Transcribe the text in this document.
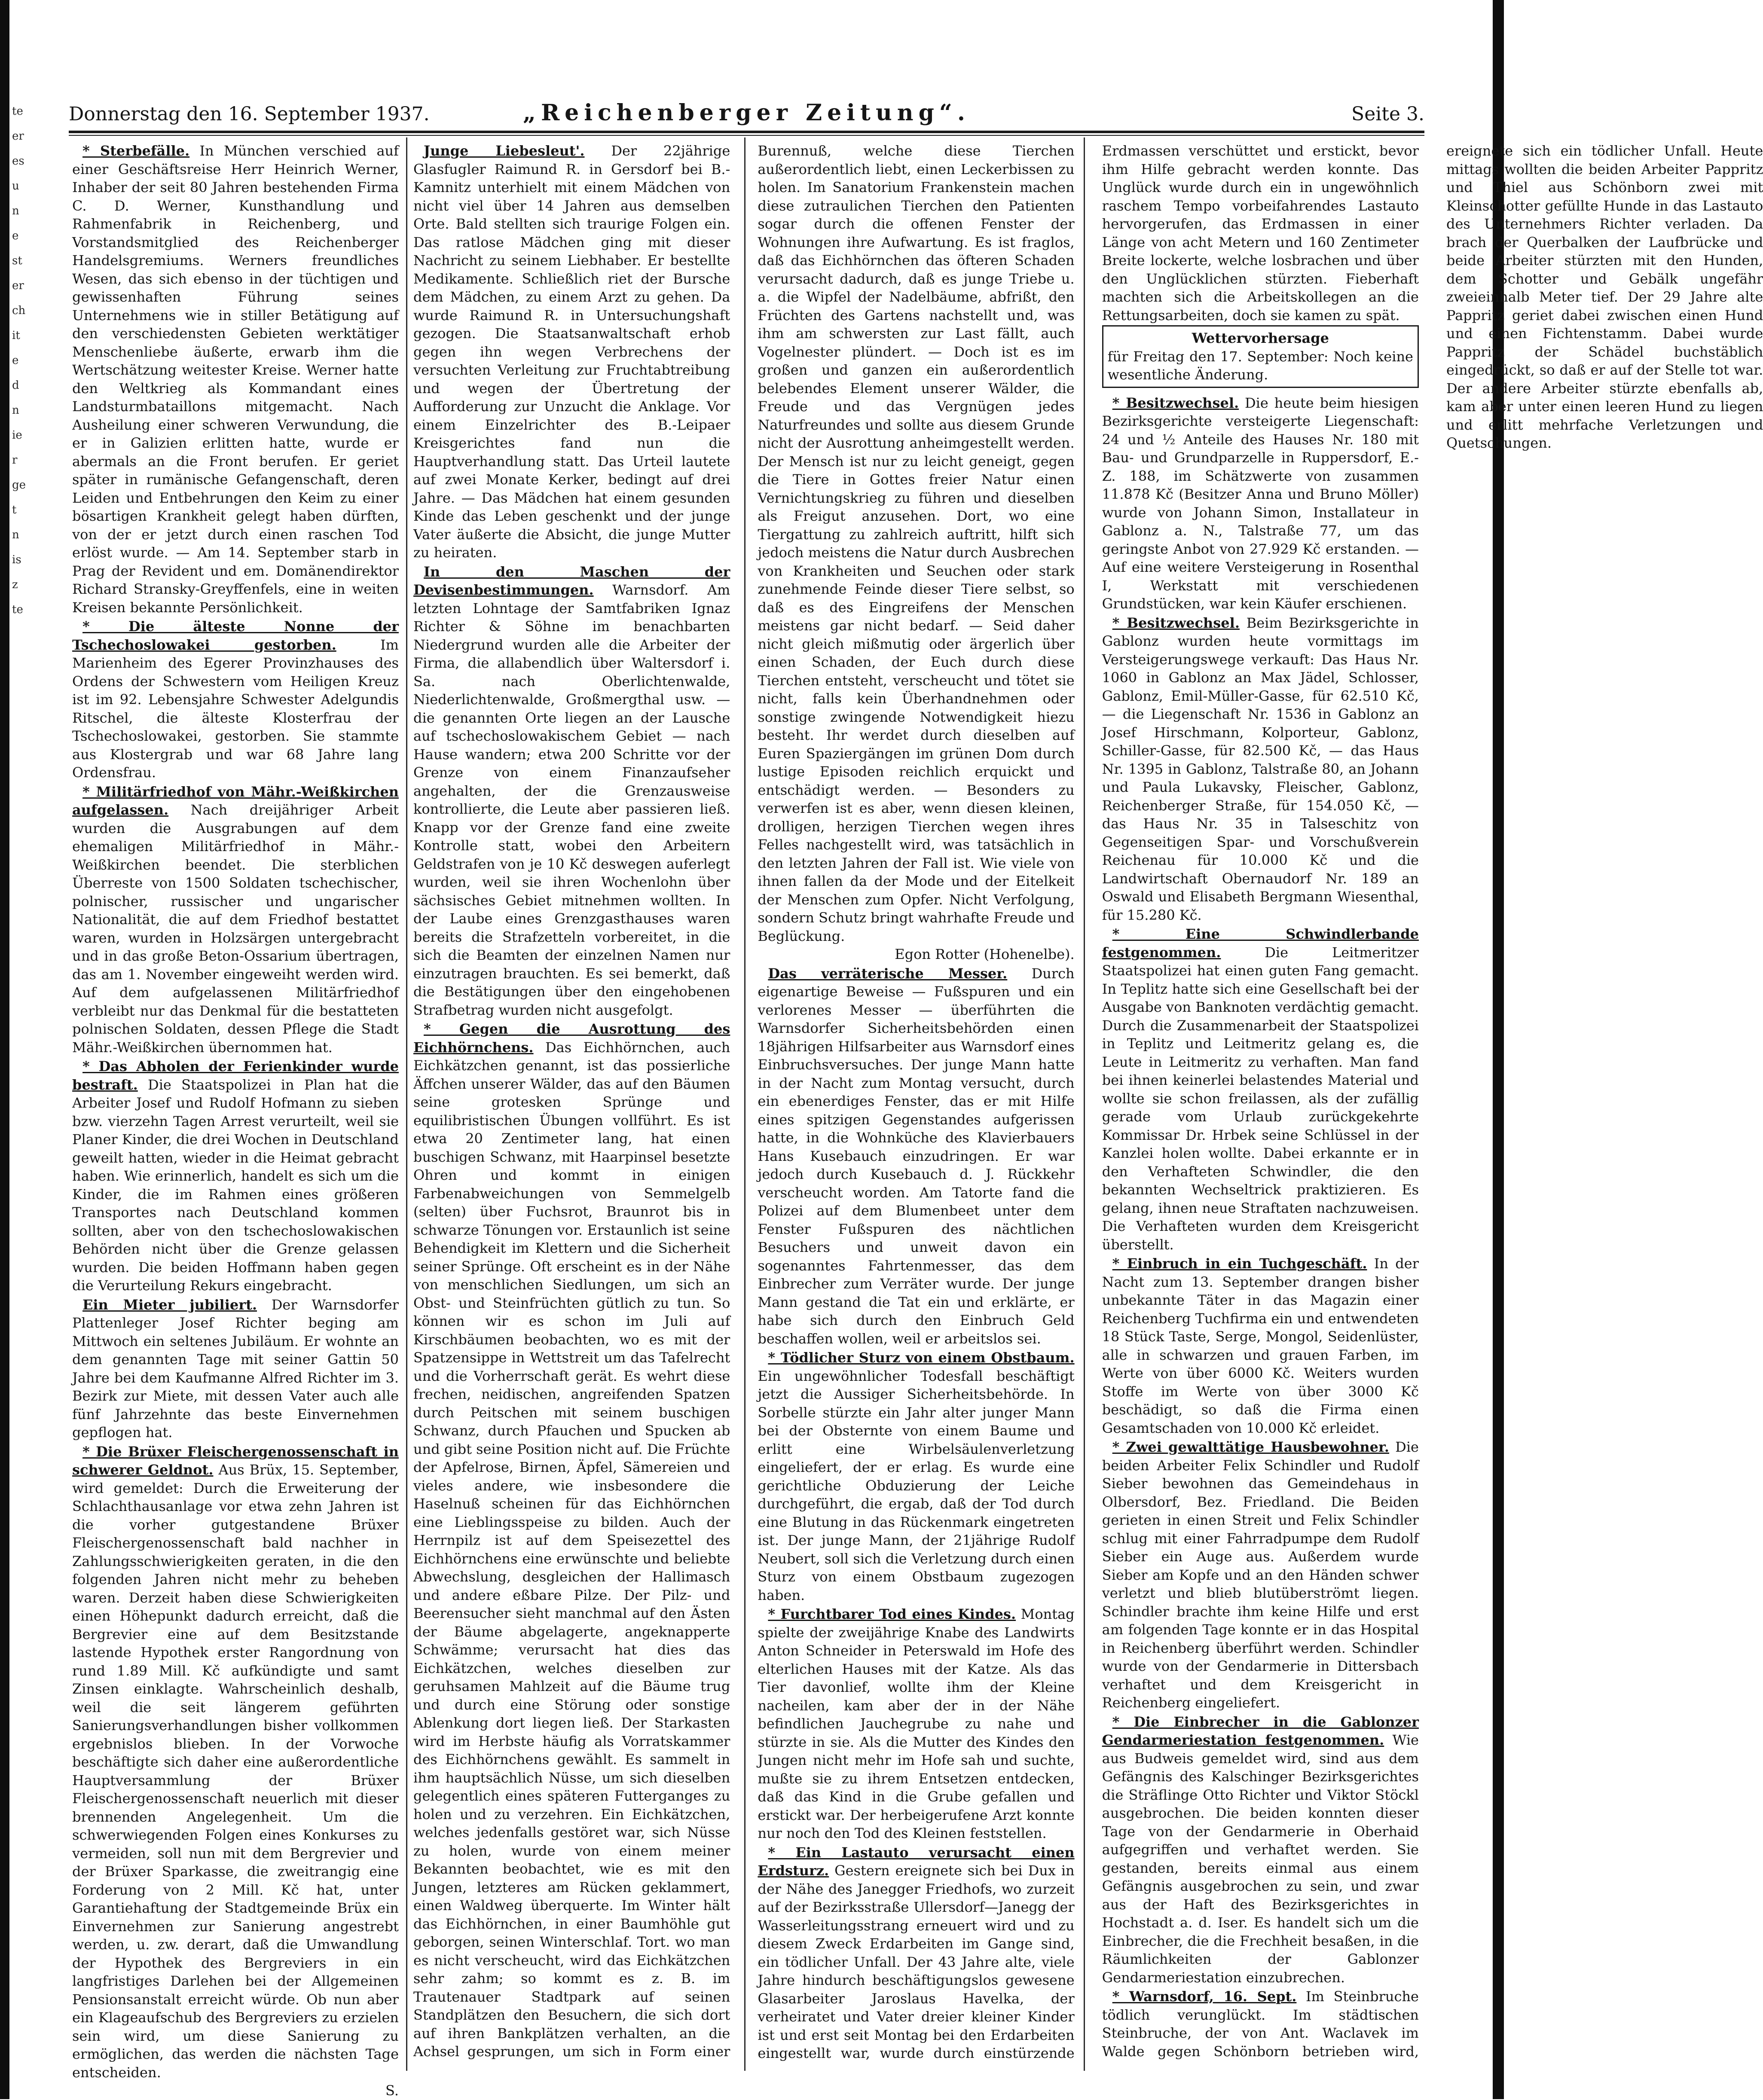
te
er
es
u
n
e
st
er
ch
it
e
d
n
ie
r
ge
t
n
is
z
te
Donnerstag den 16. September 1937.	„Reichenberger Zeitung“.	Seite 3.

* Sterbefälle. In München verschied auf einer Geschäftsreise Herr Heinrich Werner, Inhaber der seit 80 Jahren bestehenden Firma C. D. Werner, Kunsthandlung und Rahmenfabrik in Reichenberg, und Vorstandsmitglied des Reichenberger Handelsgremiums. Werners freundliches Wesen, das sich ebenso in der tüchtigen und gewissenhaften Führung seines Unternehmens wie in stiller Betätigung auf den verschiedensten Gebieten werktätiger Menschenliebe äußerte, erwarb ihm die Wertschätzung weitester Kreise. Werner hatte den Weltkrieg als Kommandant eines Landsturmbataillons mitgemacht. Nach Ausheilung einer schweren Verwundung, die er in Galizien erlitten hatte, wurde er abermals an die Front berufen. Er geriet später in rumänische Gefangenschaft, deren Leiden und Entbehrungen den Keim zu einer bösartigen Krankheit gelegt haben dürften, von der er jetzt durch einen raschen Tod erlöst wurde. — Am 14. September starb in Prag der Revident und em. Domänendirektor Richard Stransky-Greyffenfels, eine in weiten Kreisen bekannte Persönlichkeit.

* Die älteste Nonne der Tschechoslowakei gestorben. Im Marienheim des Egerer Provinzhauses des Ordens der Schwestern vom Heiligen Kreuz ist im 92. Lebensjahre Schwester Adelgundis Ritschel, die älteste Klosterfrau der Tschechoslowakei, gestorben. Sie stammte aus Klostergrab und war 68 Jahre lang Ordensfrau.

* Militärfriedhof von Mähr.-Weißkirchen aufgelassen. Nach dreijähriger Arbeit wurden die Ausgrabungen auf dem ehemaligen Militärfriedhof in Mähr.-Weißkirchen beendet. Die sterblichen Überreste von 1500 Soldaten tschechischer, polnischer, russischer und ungarischer Nationalität, die auf dem Friedhof bestattet waren, wurden in Holzsärgen untergebracht und in das große Beton-Ossarium übertragen, das am 1. November eingeweiht werden wird. Auf dem aufgelassenen Militärfriedhof verbleibt nur das Denkmal für die bestatteten polnischen Soldaten, dessen Pflege die Stadt Mähr.-Weißkirchen übernommen hat.

* Das Abholen der Ferienkinder wurde bestraft. Die Staatspolizei in Plan hat die Arbeiter Josef und Rudolf Hofmann zu sieben bzw. vierzehn Tagen Arrest verurteilt, weil sie Planer Kinder, die drei Wochen in Deutschland geweilt hatten, wieder in die Heimat gebracht haben. Wie erinnerlich, handelt es sich um die Kinder, die im Rahmen eines größeren Transportes nach Deutschland kommen sollten, aber von den tschechoslowakischen Behörden nicht über die Grenze gelassen wurden. Die beiden Hoffmann haben gegen die Verurteilung Rekurs eingebracht.

Ein Mieter jubiliert. Der Warnsdorfer Plattenleger Josef Richter beging am Mittwoch ein seltenes Jubiläum. Er wohnte an dem genannten Tage mit seiner Gattin 50 Jahre bei dem Kaufmanne Alfred Richter im 3. Bezirk zur Miete, mit dessen Vater auch alle fünf Jahrzehnte das beste Einvernehmen gepflogen hat.

* Die Brüxer Fleischergenossenschaft in schwerer Geldnot. Aus Brüx, 15. September, wird gemeldet: Durch die Erweiterung der Schlachthausanlage vor etwa zehn Jahren ist die vorher gutgestandene Brüxer Fleischergenossenschaft bald nachher in Zahlungsschwierigkeiten geraten, in die den folgenden Jahren nicht mehr zu beheben waren. Derzeit haben diese Schwierigkeiten einen Höhepunkt dadurch erreicht, daß die Bergrevier eine auf dem Besitzstande lastende Hypothek erster Rangordnung von rund 1.89 Mill. Kč aufkündigte und samt Zinsen einklagte. Wahrscheinlich deshalb, weil die seit längerem geführten Sanierungsverhandlungen bisher vollkommen ergebnislos blieben. In der Vorwoche beschäftigte sich daher eine außerordentliche Hauptversammlung der Brüxer Fleischergenossenschaft neuerlich mit dieser brennenden Angelegenheit. Um die schwerwiegenden Folgen eines Konkurses zu vermeiden, soll nun mit dem Bergrevier und der Brüxer Sparkasse, die zweitrangig eine Forderung von 2 Mill. Kč hat, unter Garantiehaftung der Stadtgemeinde Brüx ein Einvernehmen zur Sanierung angestrebt werden, u. zw. derart, daß die Umwandlung der Hypothek des Bergreviers in ein langfristiges Darlehen bei der Allgemeinen Pensionsanstalt erreicht würde. Ob nun aber ein Klageaufschub des Bergreviers zu erzielen sein wird, um diese Sanierung zu ermöglichen, das werden die nächsten Tage entscheiden.
S.

Junge Liebesleut'. Der 22jährige Glasfugler Raimund R. in Gersdorf bei B.-Kamnitz unterhielt mit einem Mädchen von nicht viel über 14 Jahren aus demselben Orte. Bald stellten sich traurige Folgen ein. Das ratlose Mädchen ging mit dieser Nachricht zu seinem Liebhaber. Er bestellte Medikamente. Schließlich riet der Bursche dem Mädchen, zu einem Arzt zu gehen. Da wurde Raimund R. in Untersuchungshaft gezogen. Die Staatsanwaltschaft erhob gegen ihn wegen Verbrechens der versuchten Verleitung zur Fruchtabtreibung und wegen der Übertretung der Aufforderung zur Unzucht die Anklage. Vor einem Einzelrichter des B.-Leipaer Kreisgerichtes fand nun die Hauptverhandlung statt. Das Urteil lautete auf zwei Monate Kerker, bedingt auf drei Jahre. — Das Mädchen hat einem gesunden Kinde das Leben geschenkt und der junge Vater äußerte die Absicht, die junge Mutter zu heiraten.

In den Maschen der Devisenbestimmungen. Warnsdorf. Am letzten Lohntage der Samtfabriken Ignaz Richter & Söhne im benachbarten Niedergrund wurden alle die Arbeiter der Firma, die allabendlich über Waltersdorf i. Sa. nach Oberlichtenwalde, Niederlichtenwalde, Großmergthal usw. — die genannten Orte liegen an der Lausche auf tschechoslowakischem Gebiet — nach Hause wandern; etwa 200 Schritte vor der Grenze von einem Finanzaufseher angehalten, der die Grenzausweise kontrollierte, die Leute aber passieren ließ. Knapp vor der Grenze fand eine zweite Kontrolle statt, wobei den Arbeitern Geldstrafen von je 10 Kč deswegen auferlegt wurden, weil sie ihren Wochenlohn über sächsisches Gebiet mitnehmen wollten. In der Laube eines Grenzgasthauses waren bereits die Strafzetteln vorbereitet, in die sich die Beamten der einzelnen Namen nur einzutragen brauchten. Es sei bemerkt, daß die Bestätigungen über den eingehobenen Strafbetrag wurden nicht ausgefolgt.

* Gegen die Ausrottung des Eichhörnchens. Das Eichhörnchen, auch Eichkätzchen genannt, ist das possierliche Äffchen unserer Wälder, das auf den Bäumen seine grotesken Sprünge und equilibristischen Übungen vollführt. Es ist etwa 20 Zentimeter lang, hat einen buschigen Schwanz, mit Haarpinsel besetzte Ohren und kommt in einigen Farbenabweichungen von Semmelgelb (selten) über Fuchsrot, Braunrot bis in schwarze Tönungen vor. Erstaunlich ist seine Behendigkeit im Klettern und die Sicherheit seiner Sprünge. Oft erscheint es in der Nähe von menschlichen Siedlungen, um sich an Obst- und Steinfrüchten gütlich zu tun. So können wir es schon im Juli auf Kirschbäumen beobachten, wo es mit der Spatzensippe in Wettstreit um das Tafelrecht und die Vorherrschaft gerät. Es wehrt diese frechen, neidischen, angreifenden Spatzen durch Peitschen mit seinem buschigen Schwanz, durch Pfauchen und Spucken ab und gibt seine Position nicht auf. Die Früchte der Apfelrose, Birnen, Äpfel, Sämereien und vieles andere, wie insbesondere die Haselnuß scheinen für das Eichhörnchen eine Lieblingsspeise zu bilden. Auch der Herrnpilz ist auf dem Speisezettel des Eichhörnchens eine erwünschte und beliebte Abwechslung, desgleichen der Hallimasch und andere eßbare Pilze. Der Pilz- und Beerensucher sieht manchmal auf den Ästen der Bäume abgelagerte, angeknapperte Schwämme; verursacht hat dies das Eichkätzchen, welches dieselben zur geruhsamen Mahlzeit auf die Bäume trug und durch eine Störung oder sonstige Ablenkung dort liegen ließ. Der Starkasten wird im Herbste häufig als Vorratskammer des Eichhörnchens gewählt. Es sammelt in ihm hauptsächlich Nüsse, um sich dieselben gelegentlich eines späteren Futterganges zu holen und zu verzehren. Ein Eichkätzchen, welches jedenfalls gestöret war, sich Nüsse zu holen, wurde von einem meiner Bekannten beobachtet, wie es mit den Jungen, letzteres am Rücken geklammert, einen Waldweg überquerte. Im Winter hält das Eichhörnchen, in einer Baumhöhle gut geborgen, seinen Winterschlaf. Tort. wo man es nicht verscheucht, wird das Eichkätzchen sehr zahm; so kommt es z. B. im Trautenauer Stadtpark auf seinen Standplätzen den Besuchern, die sich dort auf ihren Bankplätzen verhalten, an die Achsel gesprungen, um sich in Form einer Burennuß, welche diese Tierchen außerordentlich liebt, einen Leckerbissen zu holen. Im Sanatorium Frankenstein machen diese zutraulichen Tierchen den Patienten sogar durch die offenen Fenster der Wohnungen ihre Aufwartung. Es ist fraglos, daß das Eichhörnchen das öfteren Schaden verursacht dadurch, daß es junge Triebe u. a. die Wipfel der Nadelbäume, abfrißt, den Früchten des Gartens nachstellt und, was ihm am schwersten zur Last fällt, auch Vogelnester plündert. — Doch ist es im großen und ganzen ein außerordentlich belebendes Element unserer Wälder, die Freude und das Vergnügen jedes Naturfreundes und sollte aus diesem Grunde nicht der Ausrottung anheimgestellt werden. Der Mensch ist nur zu leicht geneigt, gegen die Tiere in Gottes freier Natur einen Vernichtungskrieg zu führen und dieselben als Freigut anzusehen. Dort, wo eine Tiergattung zu zahlreich auftritt, hilft sich jedoch meistens die Natur durch Ausbrechen von Krankheiten und Seuchen oder stark zunehmende Feinde dieser Tiere selbst, so daß es des Eingreifens der Menschen meistens gar nicht bedarf. — Seid daher nicht gleich mißmutig oder ärgerlich über einen Schaden, der Euch durch diese Tierchen entsteht, verscheucht und tötet sie nicht, falls kein Überhandnehmen oder sonstige zwingende Notwendigkeit hiezu besteht. Ihr werdet durch dieselben auf Euren Spaziergängen im grünen Dom durch lustige Episoden reichlich erquickt und entschädigt werden. — Besonders zu verwerfen ist es aber, wenn diesen kleinen, drolligen, herzigen Tierchen wegen ihres Felles nachgestellt wird, was tatsächlich in den letzten Jahren der Fall ist. Wie viele von ihnen fallen da der Mode und der Eitelkeit der Menschen zum Opfer. Nicht Verfolgung, sondern Schutz bringt wahrhafte Freude und Beglückung.
Egon Rotter (Hohenelbe).

Das verräterische Messer. Durch eigenartige Beweise — Fußspuren und ein verlorenes Messer — überführten die Warnsdorfer Sicherheitsbehörden einen 18jährigen Hilfsarbeiter aus Warnsdorf eines Einbruchsversuches. Der junge Mann hatte in der Nacht zum Montag versucht, durch ein ebenerdiges Fenster, das er mit Hilfe eines spitzigen Gegenstandes aufgerissen hatte, in die Wohnküche des Klavierbauers Hans Kusebauch einzudringen. Er war jedoch durch Kusebauch d. J. Rückkehr verscheucht worden. Am Tatorte fand die Polizei auf dem Blumenbeet unter dem Fenster Fußspuren des nächtlichen Besuchers und unweit davon ein sogenanntes Fahrtenmesser, das dem Einbrecher zum Verräter wurde. Der junge Mann gestand die Tat ein und erklärte, er habe sich durch den Einbruch Geld beschaffen wollen, weil er arbeitslos sei.

* Tödlicher Sturz von einem Obstbaum. Ein ungewöhnlicher Todesfall beschäftigt jetzt die Aussiger Sicherheitsbehörde. In Sorbelle stürzte ein Jahr alter junger Mann bei der Obsternte von einem Baume und erlitt eine Wirbelsäulenverletzung eingeliefert, der er erlag. Es wurde eine gerichtliche Obduzierung der Leiche durchgeführt, die ergab, daß der Tod durch eine Blutung in das Rückenmark eingetreten ist. Der junge Mann, der 21jährige Rudolf Neubert, soll sich die Verletzung durch einen Sturz von einem Obstbaum zugezogen haben.

* Furchtbarer Tod eines Kindes. Montag spielte der zweijährige Knabe des Landwirts Anton Schneider in Peterswald im Hofe des elterlichen Hauses mit der Katze. Als das Tier davonlief, wollte ihm der Kleine nacheilen, kam aber der in der Nähe befindlichen Jauchegrube zu nahe und stürzte in sie. Als die Mutter des Kindes den Jungen nicht mehr im Hofe sah und suchte, mußte sie zu ihrem Entsetzen entdecken, daß das Kind in die Grube gefallen und erstickt war. Der herbeigerufene Arzt konnte nur noch den Tod des Kleinen feststellen.

* Ein Lastauto verursacht einen Erdsturz. Gestern ereignete sich bei Dux in der Nähe des Janegger Friedhofs, wo zurzeit auf der Bezirksstraße Ullersdorf—Janegg der Wasserleitungsstrang erneuert wird und zu diesem Zweck Erdarbeiten im Gange sind, ein tödlicher Unfall. Der 43 Jahre alte, viele Jahre hindurch beschäftigungslos gewesene Glasarbeiter Jaroslaus Havelka, der verheiratet und Vater dreier kleiner Kinder ist und erst seit Montag bei den Erdarbeiten eingestellt war, wurde durch einstürzende Erdmassen verschüttet und erstickt, bevor ihm Hilfe gebracht werden konnte. Das Unglück wurde durch ein in ungewöhnlich raschem Tempo vorbeifahrendes Lastauto hervorgerufen, das Erdmassen in einer Länge von acht Metern und 160 Zentimeter Breite lockerte, welche losbrachen und über den Unglücklichen stürzten. Fieberhaft machten sich die Arbeitskollegen an die Rettungsarbeiten, doch sie kamen zu spät.

Wettervorhersage
für Freitag den 17. September: Noch keine wesentliche Änderung.

* Besitzwechsel. Die heute beim hiesigen Bezirksgerichte versteigerte Liegenschaft: 24 und ½ Anteile des Hauses Nr. 180 mit Bau- und Grundparzelle in Ruppersdorf, E.-Z. 188, im Schätzwerte von zusammen 11.878 Kč (Besitzer Anna und Bruno Möller) wurde von Johann Simon, Installateur in Gablonz a. N., Talstraße 77, um das geringste Anbot von 27.929 Kč erstanden. — Auf eine weitere Versteigerung in Rosenthal I, Werkstatt mit verschiedenen Grundstücken, war kein Käufer erschienen.

* Besitzwechsel. Beim Bezirksgerichte in Gablonz wurden heute vormittags im Versteigerungswege verkauft: Das Haus Nr. 1060 in Gablonz an Max Jädel, Schlosser, Gablonz, Emil-Müller-Gasse, für 62.510 Kč, — die Liegenschaft Nr. 1536 in Gablonz an Josef Hirschmann, Kolporteur, Gablonz, Schiller-Gasse, für 82.500 Kč, — das Haus Nr. 1395 in Gablonz, Talstraße 80, an Johann und Paula Lukavsky, Fleischer, Gablonz, Reichenberger Straße, für 154.050 Kč, — das Haus Nr. 35 in Talseschitz von Gegenseitigen Spar- und Vorschußverein Reichenau für 10.000 Kč und die Landwirtschaft Obernaudorf Nr. 189 an Oswald und Elisabeth Bergmann Wiesenthal, für 15.280 Kč.

* Eine Schwindlerbande festgenommen. Die Leitmeritzer Staatspolizei hat einen guten Fang gemacht. In Teplitz hatte sich eine Gesellschaft bei der Ausgabe von Banknoten verdächtig gemacht. Durch die Zusammenarbeit der Staatspolizei in Teplitz und Leitmeritz gelang es, die Leute in Leitmeritz zu verhaften. Man fand bei ihnen keinerlei belastendes Material und wollte sie schon freilassen, als der zufällig gerade vom Urlaub zurückgekehrte Kommissar Dr. Hrbek seine Schlüssel in der Kanzlei holen wollte. Dabei erkannte er in den Verhafteten Schwindler, die den bekannten Wechseltrick praktizieren. Es gelang, ihnen neue Straftaten nachzuweisen. Die Verhafteten wurden dem Kreisgericht überstellt.

* Einbruch in ein Tuchgeschäft. In der Nacht zum 13. September drangen bisher unbekannte Täter in das Magazin einer Reichenberg Tuchfirma ein und entwendeten 18 Stück Taste, Serge, Mongol, Seidenlüster, alle in schwarzen und grauen Farben, im Werte von über 6000 Kč. Weiters wurden Stoffe im Werte von über 3000 Kč beschädigt, so daß die Firma einen Gesamtschaden von 10.000 Kč erleidet.

* Zwei gewalttätige Hausbewohner. Die beiden Arbeiter Felix Schindler und Rudolf Sieber bewohnen das Gemeindehaus in Olbersdorf, Bez. Friedland. Die Beiden gerieten in einen Streit und Felix Schindler schlug mit einer Fahrradpumpe dem Rudolf Sieber ein Auge aus. Außerdem wurde Sieber am Kopfe und an den Händen schwer verletzt und blieb blutüberströmt liegen. Schindler brachte ihm keine Hilfe und erst am folgenden Tage konnte er in das Hospital in Reichenberg überführt werden. Schindler wurde von der Gendarmerie in Dittersbach verhaftet und dem Kreisgericht in Reichenberg eingeliefert.

* Die Einbrecher in die Gablonzer Gendarmeriestation festgenommen. Wie aus Budweis gemeldet wird, sind aus dem Gefängnis des Kalschinger Bezirksgerichtes die Sträflinge Otto Richter und Viktor Stöckl ausgebrochen. Die beiden konnten dieser Tage von der Gendarmerie in Oberhaid aufgegriffen und verhaftet werden. Sie gestanden, bereits einmal aus einem Gefängnis ausgebrochen zu sein, und zwar aus der Haft des Bezirksgerichtes in Hochstadt a. d. Iser. Es handelt sich um die Einbrecher, die die Frechheit besaßen, in die Räumlichkeiten der Gablonzer Gendarmeriestation einzubrechen.

* Warnsdorf, 16. Sept. Im Steinbruche tödlich verunglückt. Im städtischen Steinbruche, der von Ant. Waclavek im Walde gegen Schönborn betrieben wird, ereignete sich ein tödlicher Unfall. Heute mittags wollten die beiden Arbeiter Pappritz und Thiel aus Schönborn zwei mit Kleinschotter gefüllte Hunde in das Lastauto des Unternehmers Richter verladen. Da brach der Querbalken der Laufbrücke und beide Arbeiter stürzten mit den Hunden, dem Schotter und Gebälk ungefähr zweieinhalb Meter tief. Der 29 Jahre alte Pappritz geriet dabei zwischen einen Hund und einen Fichtenstamm. Dabei wurde Pappritz der Schädel buchstäblich eingedrückt, so daß er auf der Stelle tot war. Der andere Arbeiter stürzte ebenfalls ab, kam aber unter einen leeren Hund zu liegen und erlitt mehrfache Verletzungen und Quetschungen.
